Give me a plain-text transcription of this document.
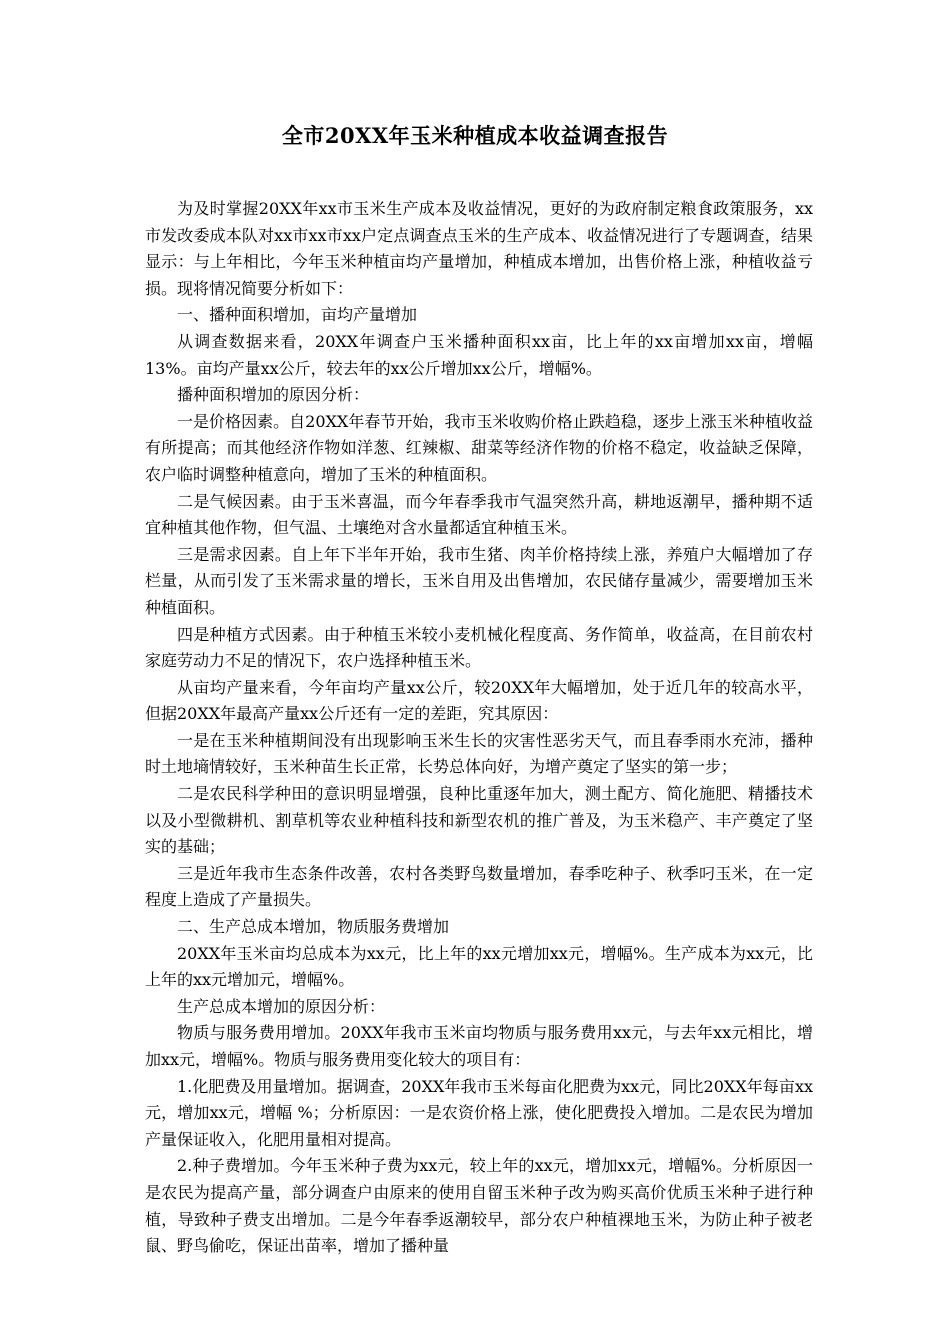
全市20XX年玉米种植成本收益调查报告

为及时掌握20XX年xx市玉米生产成本及收益情况，更好的为政府制定粮食政策服务，xx市发改委成本队对xx市xx市xx户定点调查点玉米的生产成本、收益情况进行了专题调查，结果显示：与上年相比，今年玉米种植亩均产量增加，种植成本增加，出售价格上涨，种植收益亏损。现将情况简要分析如下：

一、播种面积增加，亩均产量增加

从调查数据来看，20XX年调查户玉米播种面积xx亩，比上年的xx亩增加xx亩，增幅13%。亩均产量xx公斤，较去年的xx公斤增加xx公斤，增幅%。

播种面积增加的原因分析：

一是价格因素。自20XX年春节开始，我市玉米收购价格止跌趋稳，逐步上涨玉米种植收益有所提高；而其他经济作物如洋葱、红辣椒、甜菜等经济作物的价格不稳定，收益缺乏保障，农户临时调整种植意向，增加了玉米的种植面积。

二是气候因素。由于玉米喜温，而今年春季我市气温突然升高，耕地返潮早，播种期不适宜种植其他作物，但气温、土壤绝对含水量都适宜种植玉米。

三是需求因素。自上年下半年开始，我市生猪、肉羊价格持续上涨，养殖户大幅增加了存栏量，从而引发了玉米需求量的增长，玉米自用及出售增加，农民储存量减少，需要增加玉米种植面积。

四是种植方式因素。由于种植玉米较小麦机械化程度高、务作简单，收益高，在目前农村家庭劳动力不足的情况下，农户选择种植玉米。

从亩均产量来看，今年亩均产量xx公斤，较20XX年大幅增加，处于近几年的较高水平，但据20XX年最高产量xx公斤还有一定的差距，究其原因：

一是在玉米种植期间没有出现影响玉米生长的灾害性恶劣天气，而且春季雨水充沛，播种时土地墒情较好，玉米种苗生长正常，长势总体向好，为增产奠定了坚实的第一步；

二是农民科学种田的意识明显增强，良种比重逐年加大，测土配方、简化施肥、精播技术以及小型微耕机、割草机等农业种植科技和新型农机的推广普及，为玉米稳产、丰产奠定了坚实的基础；

三是近年我市生态条件改善，农村各类野鸟数量增加，春季吃种子、秋季叼玉米，在一定程度上造成了产量损失。

二、生产总成本增加，物质服务费增加

20XX年玉米亩均总成本为xx元，比上年的xx元增加xx元，增幅%。生产成本为xx元，比上年的xx元增加元，增幅%。

生产总成本增加的原因分析：

物质与服务费用增加。20XX年我市玉米亩均物质与服务费用xx元，与去年xx元相比，增加xx元，增幅%。物质与服务费用变化较大的项目有：

1.化肥费及用量增加。据调查，20XX年我市玉米每亩化肥费为xx元，同比20XX年每亩xx元，增加xx元，增幅 %；分析原因：一是农资价格上涨，使化肥费投入增加。二是农民为增加产量保证收入，化肥用量相对提高。

2.种子费增加。今年玉米种子费为xx元，较上年的xx元，增加xx元，增幅%。分析原因一是农民为提高产量，部分调查户由原来的使用自留玉米种子改为购买高价优质玉米种子进行种植，导致种子费支出增加。二是今年春季返潮较早，部分农户种植裸地玉米，为防止种子被老鼠、野鸟偷吃，保证出苗率，增加了播种量
